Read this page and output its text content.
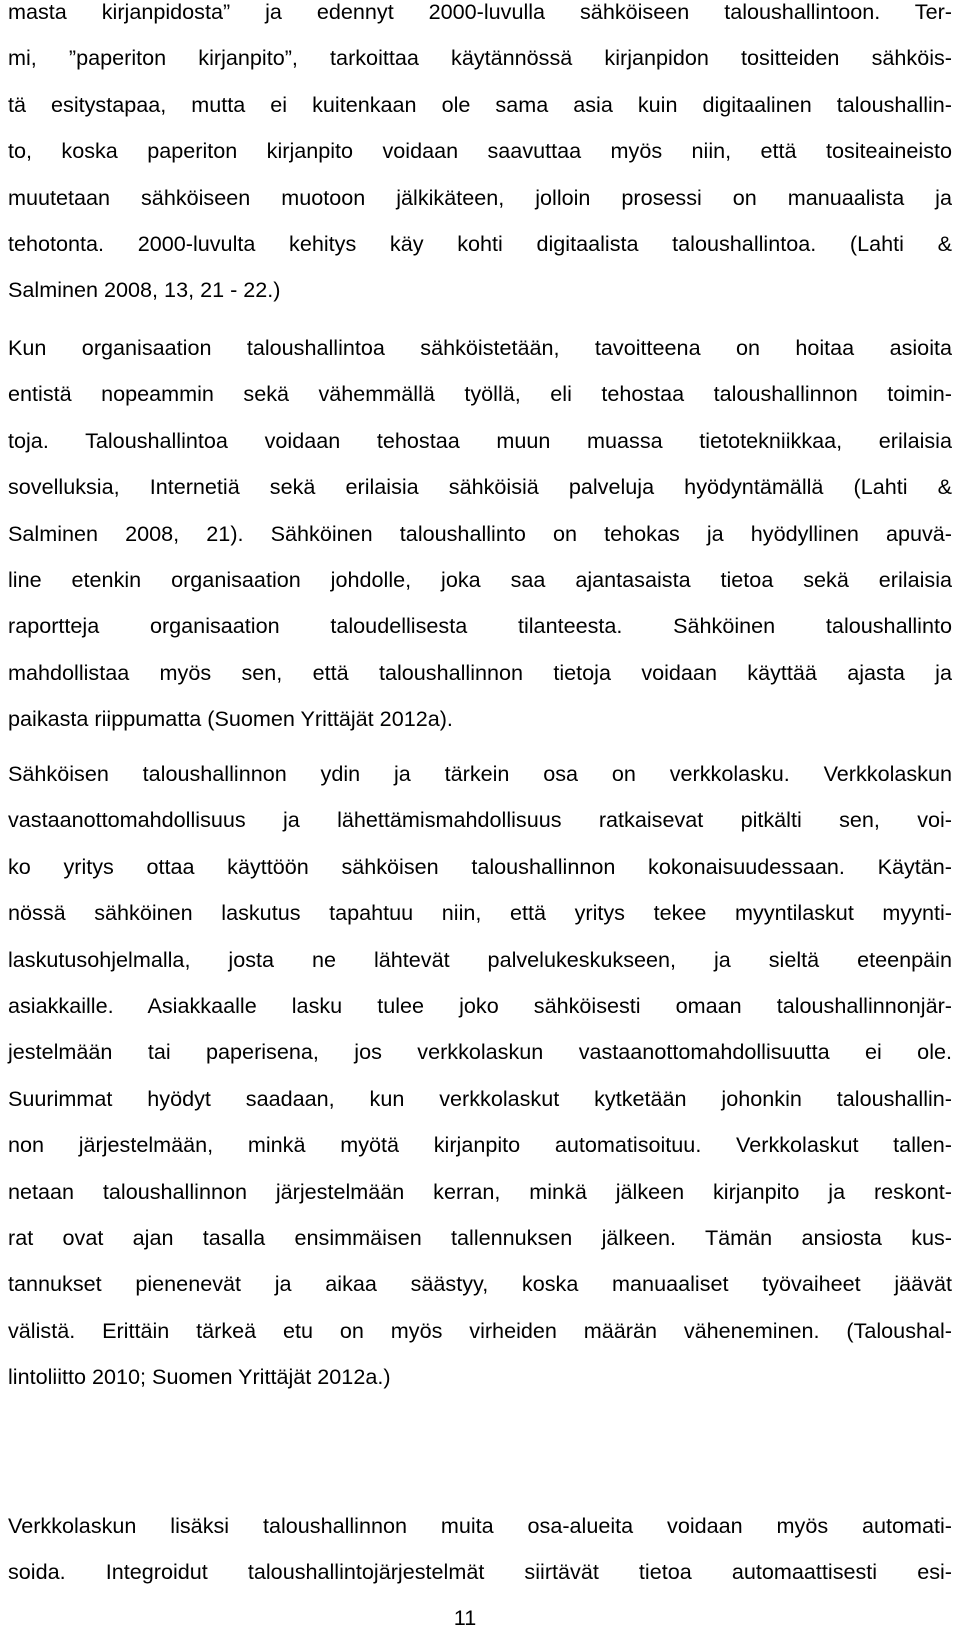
masta kirjanpidosta” ja edennyt 2000-luvulla sähköiseen taloushallintoon. Ter-
mi, ”paperiton kirjanpito”, tarkoittaa käytännössä kirjanpidon tositteiden sähköis-
tä esitystapaa, mutta ei kuitenkaan ole sama asia kuin digitaalinen taloushallin-
to, koska paperiton kirjanpito voidaan saavuttaa myös niin, että tositeaineisto
muutetaan sähköiseen muotoon jälkikäteen, jolloin prosessi on manuaalista ja
tehotonta. 2000-luvulta kehitys käy kohti digitaalista taloushallintoa. (Lahti &
Salminen 2008, 13, 21 - 22.)
Kun organisaation taloushallintoa sähköistetään, tavoitteena on hoitaa asioita
entistä nopeammin sekä vähemmällä työllä, eli tehostaa taloushallinnon toimin-
toja. Taloushallintoa voidaan tehostaa muun muassa tietotekniikkaa, erilaisia
sovelluksia, Internetiä sekä erilaisia sähköisiä palveluja hyödyntämällä (Lahti &
Salminen 2008, 21). Sähköinen taloushallinto on tehokas ja hyödyllinen apuvä-
line etenkin organisaation johdolle, joka saa ajantasaista tietoa sekä erilaisia
raportteja organisaation taloudellisesta tilanteesta. Sähköinen taloushallinto
mahdollistaa myös sen, että taloushallinnon tietoja voidaan käyttää ajasta ja
paikasta riippumatta (Suomen Yrittäjät 2012a).
Sähköisen taloushallinnon ydin ja tärkein osa on verkkolasku. Verkkolaskun
vastaanottomahdollisuus ja lähettämismahdollisuus ratkaisevat pitkälti sen, voi-
ko yritys ottaa käyttöön sähköisen taloushallinnon kokonaisuudessaan. Käytän-
nössä sähköinen laskutus tapahtuu niin, että yritys tekee myyntilaskut myynti-
laskutusohjelmalla, josta ne lähtevät palvelukeskukseen, ja sieltä eteenpäin
asiakkaille. Asiakkaalle lasku tulee joko sähköisesti omaan taloushallinnonjär-
jestelmään tai paperisena, jos verkkolaskun vastaanottomahdollisuutta ei ole.
Suurimmat hyödyt saadaan, kun verkkolaskut kytketään johonkin taloushallin-
non järjestelmään, minkä myötä kirjanpito automatisoituu. Verkkolaskut tallen-
netaan taloushallinnon järjestelmään kerran, minkä jälkeen kirjanpito ja reskont-
rat ovat ajan tasalla ensimmäisen tallennuksen jälkeen. Tämän ansiosta kus-
tannukset pienenevät ja aikaa säästyy, koska manuaaliset työvaiheet jäävät
välistä. Erittäin tärkeä etu on myös virheiden määrän väheneminen. (Taloushal-
lintoliitto 2010; Suomen Yrittäjät 2012a.)
Verkkolaskun lisäksi taloushallinnon muita osa-alueita voidaan myös automati-
soida. Integroidut taloushallintojärjestelmät siirtävät tietoa automaattisesti esi-
11
